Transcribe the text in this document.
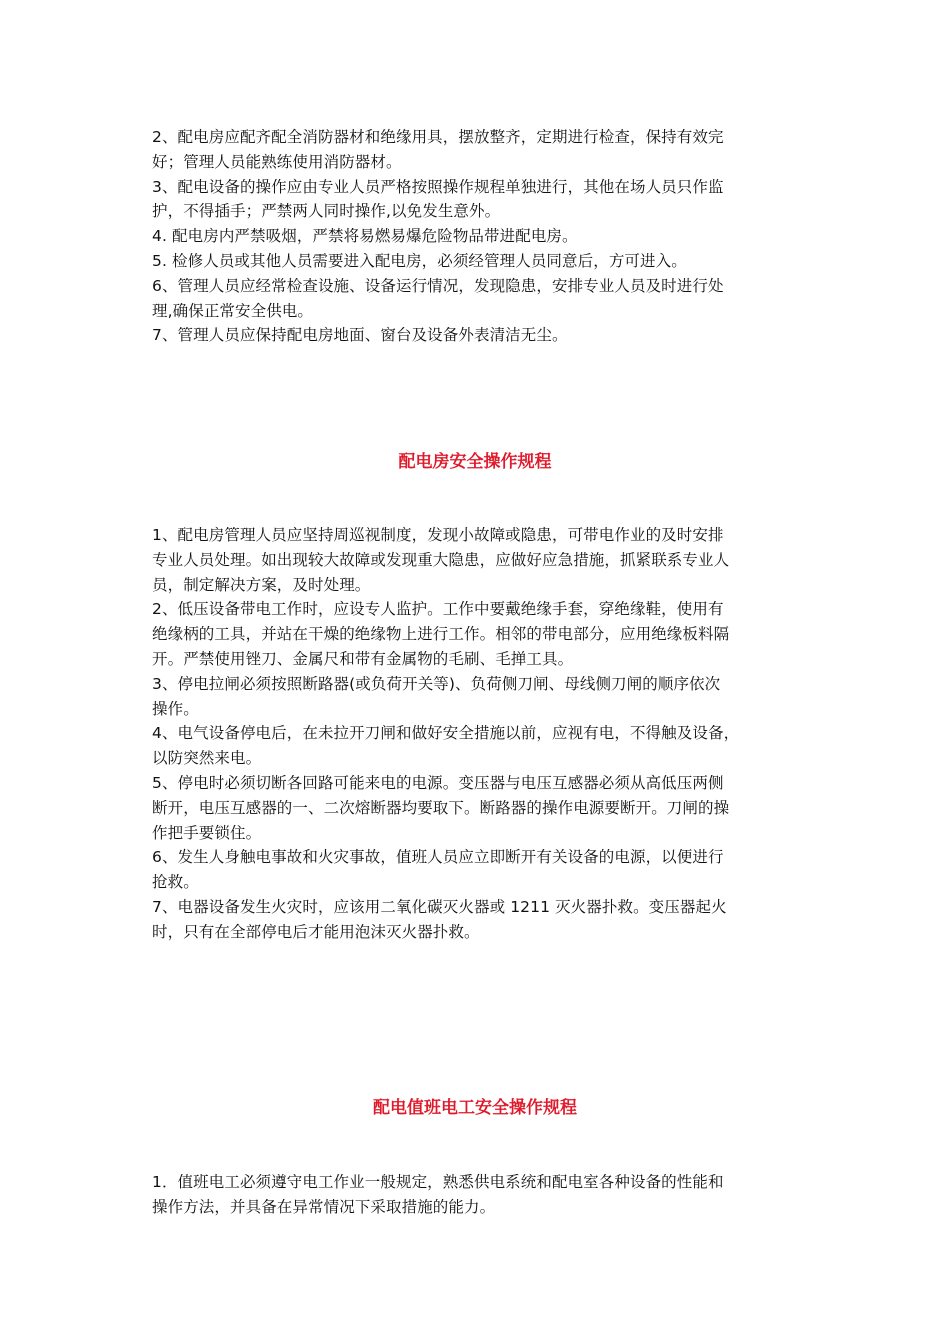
2、配电房应配齐配全消防器材和绝缘用具，摆放整齐，定期进行检查，保持有效完
好；管理人员能熟练使用消防器材。
3、配电设备的操作应由专业人员严格按照操作规程单独进行，其他在场人员只作监
护，不得插手；严禁两人同时操作,以免发生意外。
4. 配电房内严禁吸烟，严禁将易燃易爆危险物品带进配电房。
5. 检修人员或其他人员需要进入配电房，必须经管理人员同意后，方可进入。
6、管理人员应经常检查设施、设备运行情况，发现隐患，安排专业人员及时进行处
理,确保正常安全供电。
7、管理人员应保持配电房地面、窗台及设备外表清洁无尘。
配电房安全操作规程
1、配电房管理人员应坚持周巡视制度，发现小故障或隐患，可带电作业的及时安排
专业人员处理。如出现较大故障或发现重大隐患，应做好应急措施，抓紧联系专业人
员，制定解决方案，及时处理。
2、低压设备带电工作时，应设专人监护。工作中要戴绝缘手套，穿绝缘鞋，使用有
绝缘柄的工具，并站在干燥的绝缘物上进行工作。相邻的带电部分，应用绝缘板料隔
开。严禁使用锉刀、金属尺和带有金属物的毛刷、毛掸工具。
3、停电拉闸必须按照断路器(或负荷开关等)、负荷侧刀闸、母线侧刀闸的顺序依次
操作。
4、电气设备停电后，在未拉开刀闸和做好安全措施以前，应视有电，不得触及设备，
以防突然来电。
5、停电时必须切断各回路可能来电的电源。变压器与电压互感器必须从高低压两侧
断开，电压互感器的一、二次熔断器均要取下。断路器的操作电源要断开。刀闸的操
作把手要锁住。
6、发生人身触电事故和火灾事故，值班人员应立即断开有关设备的电源，以便进行
抢救。
7、电器设备发生火灾时，应该用二氧化碳灭火器或 1211 灭火器扑救。变压器起火
时，只有在全部停电后才能用泡沫灭火器扑救。
配电值班电工安全操作规程
1．值班电工必须遵守电工作业一般规定，熟悉供电系统和配电室各种设备的性能和
操作方法，并具备在异常情况下采取措施的能力。
